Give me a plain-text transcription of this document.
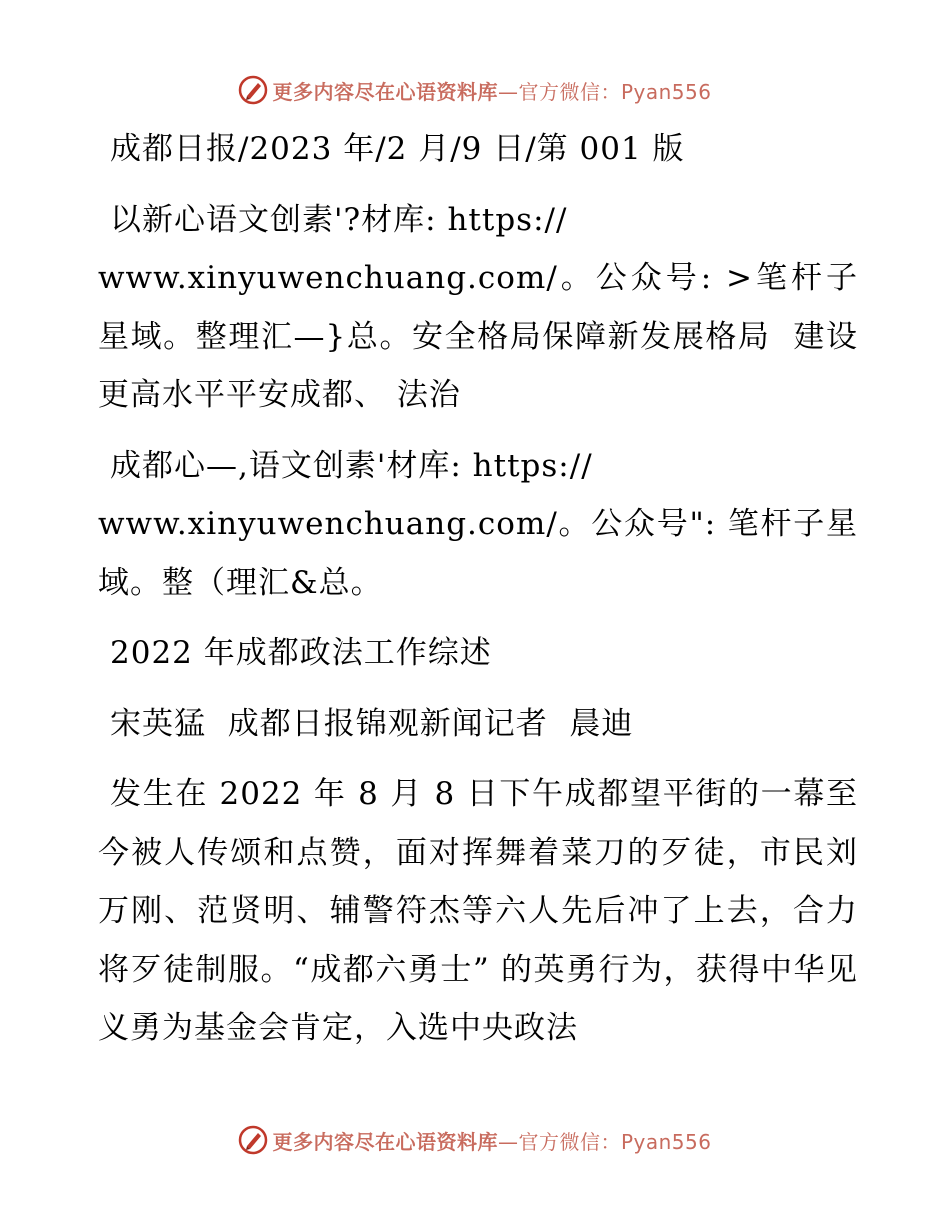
更多内容尽在心语资料库—官方微信：Pyan556

成都日报/2023 年/2 月/9 日/第 001 版

以新心语文创素'?材库: https://
www.xinyuwenchuang.com/。公众号: >笔杆子星域。整理汇—}总。安全格局保障新发展格局  建设更高水平平安成都、 法治

成都心—,语文创素'材库: https://
www.xinyuwenchuang.com/。公众号": 笔杆子星域。整（理汇&总。

2022 年成都政法工作综述

宋英猛  成都日报锦观新闻记者  晨迪

发生在 2022 年 8 月 8 日下午成都望平街的一幕至今被人传颂和点赞，面对挥舞着菜刀的歹徒，市民刘万刚、范贤明、辅警符杰等六人先后冲了上去，合力将歹徒制服。“成都六勇士” 的英勇行为，获得中华见义勇为基金会肯定，入选中央政法

更多内容尽在心语资料库—官方微信：Pyan556
